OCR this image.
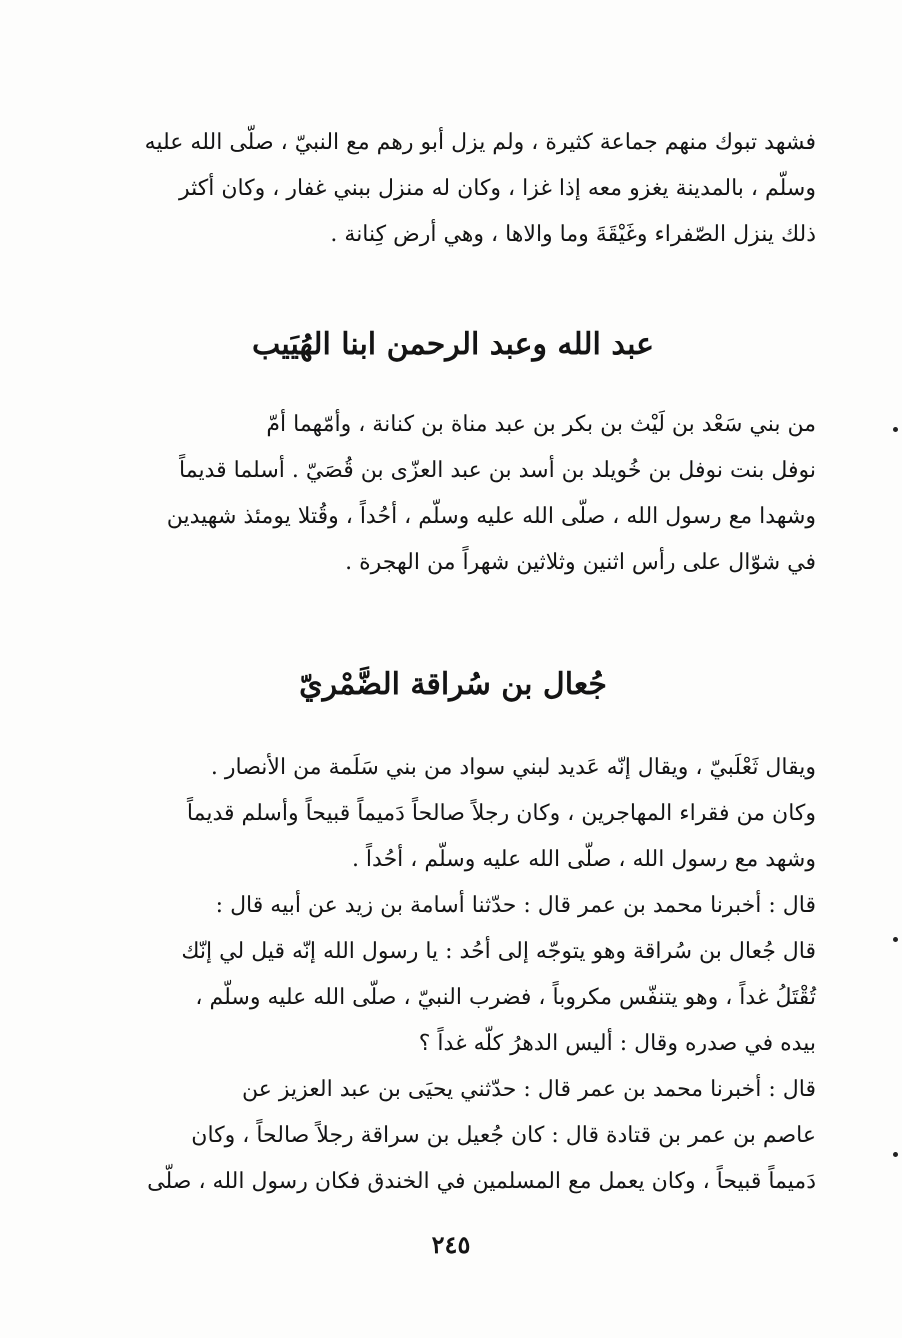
فشهد تبوك منهم جماعة كثيرة ، ولم يزل أبو رهم مع النبيّ ، صلّى الله عليه

وسلّم ، بالمدينة يغزو معه إذا غزا ، وكان له منزل ببني غفار ، وكان أكثر

ذلك ينزل الصّفراء وغَيْقَةَ وما والاها ، وهي أرض كِنانة .

عبد الله وعبد الرحمن ابنا الهُيَيب

من بني سَعْد بن لَيْث بن بكر بن عبد مناة بن كنانة ، وأمّهما أمّ

نوفل بنت نوفل بن خُويلد بن أسد بن عبد العزّى بن قُصَيّ . أسلما قديماً

وشهدا مع رسول الله ، صلّى الله عليه وسلّم ، أحُداً ، وقُتلا يومئذ شهيدين

في شوّال على رأس اثنين وثلاثين شهراً من الهجرة .

جُعال بن سُراقة الضَّمْريّ

ويقال ثَعْلَبيّ ، ويقال إنّه عَديد لبني سواد من بني سَلَمة من الأنصار .

وكان من فقراء المهاجرين ، وكان رجلاً صالحاً دَميماً قبيحاً وأسلم قديماً

وشهد مع رسول الله ، صلّى الله عليه وسلّم ، أحُداً .

قال : أخبرنا محمد بن عمر قال : حدّثنا أسامة بن زيد عن أبيه قال :

قال جُعال بن سُراقة وهو يتوجّه إلى أحُد : يا رسول الله إنّه قيل لي إنّك

تُقْتَلُ غداً ، وهو يتنفّس مكروباً ، فضرب النبيّ ، صلّى الله عليه وسلّم ،

بيده في صدره وقال : أليس الدهرُ كلّه غداً ؟

قال : أخبرنا محمد بن عمر قال : حدّثني يحيَى بن عبد العزيز عن

عاصم بن عمر بن قتادة قال : كان جُعيل بن سراقة رجلاً صالحاً ، وكان

دَميماً قبيحاً ، وكان يعمل مع المسلمين في الخندق فكان رسول الله ، صلّى

٢٤٥
